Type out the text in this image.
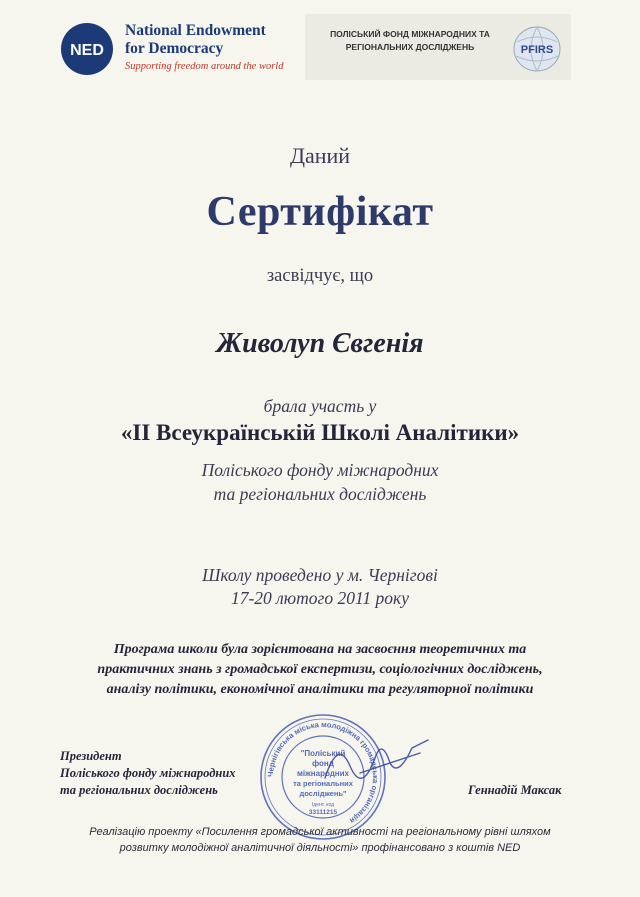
NED
National Endowment
for Democracy
Supporting freedom around the world
ПОЛІСЬКИЙ ФОНД МІЖНАРОДНИХ ТА
РЕГІОНАЛЬНИХ ДОСЛІДЖЕНЬ	PFIRS
Даний
Сертифікат
засвідчує, що
Живолуп Євгенія
брала участь у
«ІІ Всеукраїнській Школі Аналітики»
Поліського фонду міжнародних
та регіональних досліджень
Школу проведено у м. Чернігові
17-20 лютого 2011 року
Програма школи була зорієнтована на засвоєння теоретичних та
практичних знань з громадської експертизи, соціологічних досліджень,
аналізу політики, економічної аналітики та регуляторної політики
Президент
Поліського фонду міжнародних
та регіональних досліджень	Геннадій Максак
Чернігівська міська молодіжна громадська організація
"Поліський
фонд
міжнародних
та регіональних
досліджень"
Ідент. код
33111215
Реалізацію проекту «Посилення громадської активності на регіональному рівні шляхом
розвитку молодіжної аналітичної діяльності» профінансовано з коштів NED
